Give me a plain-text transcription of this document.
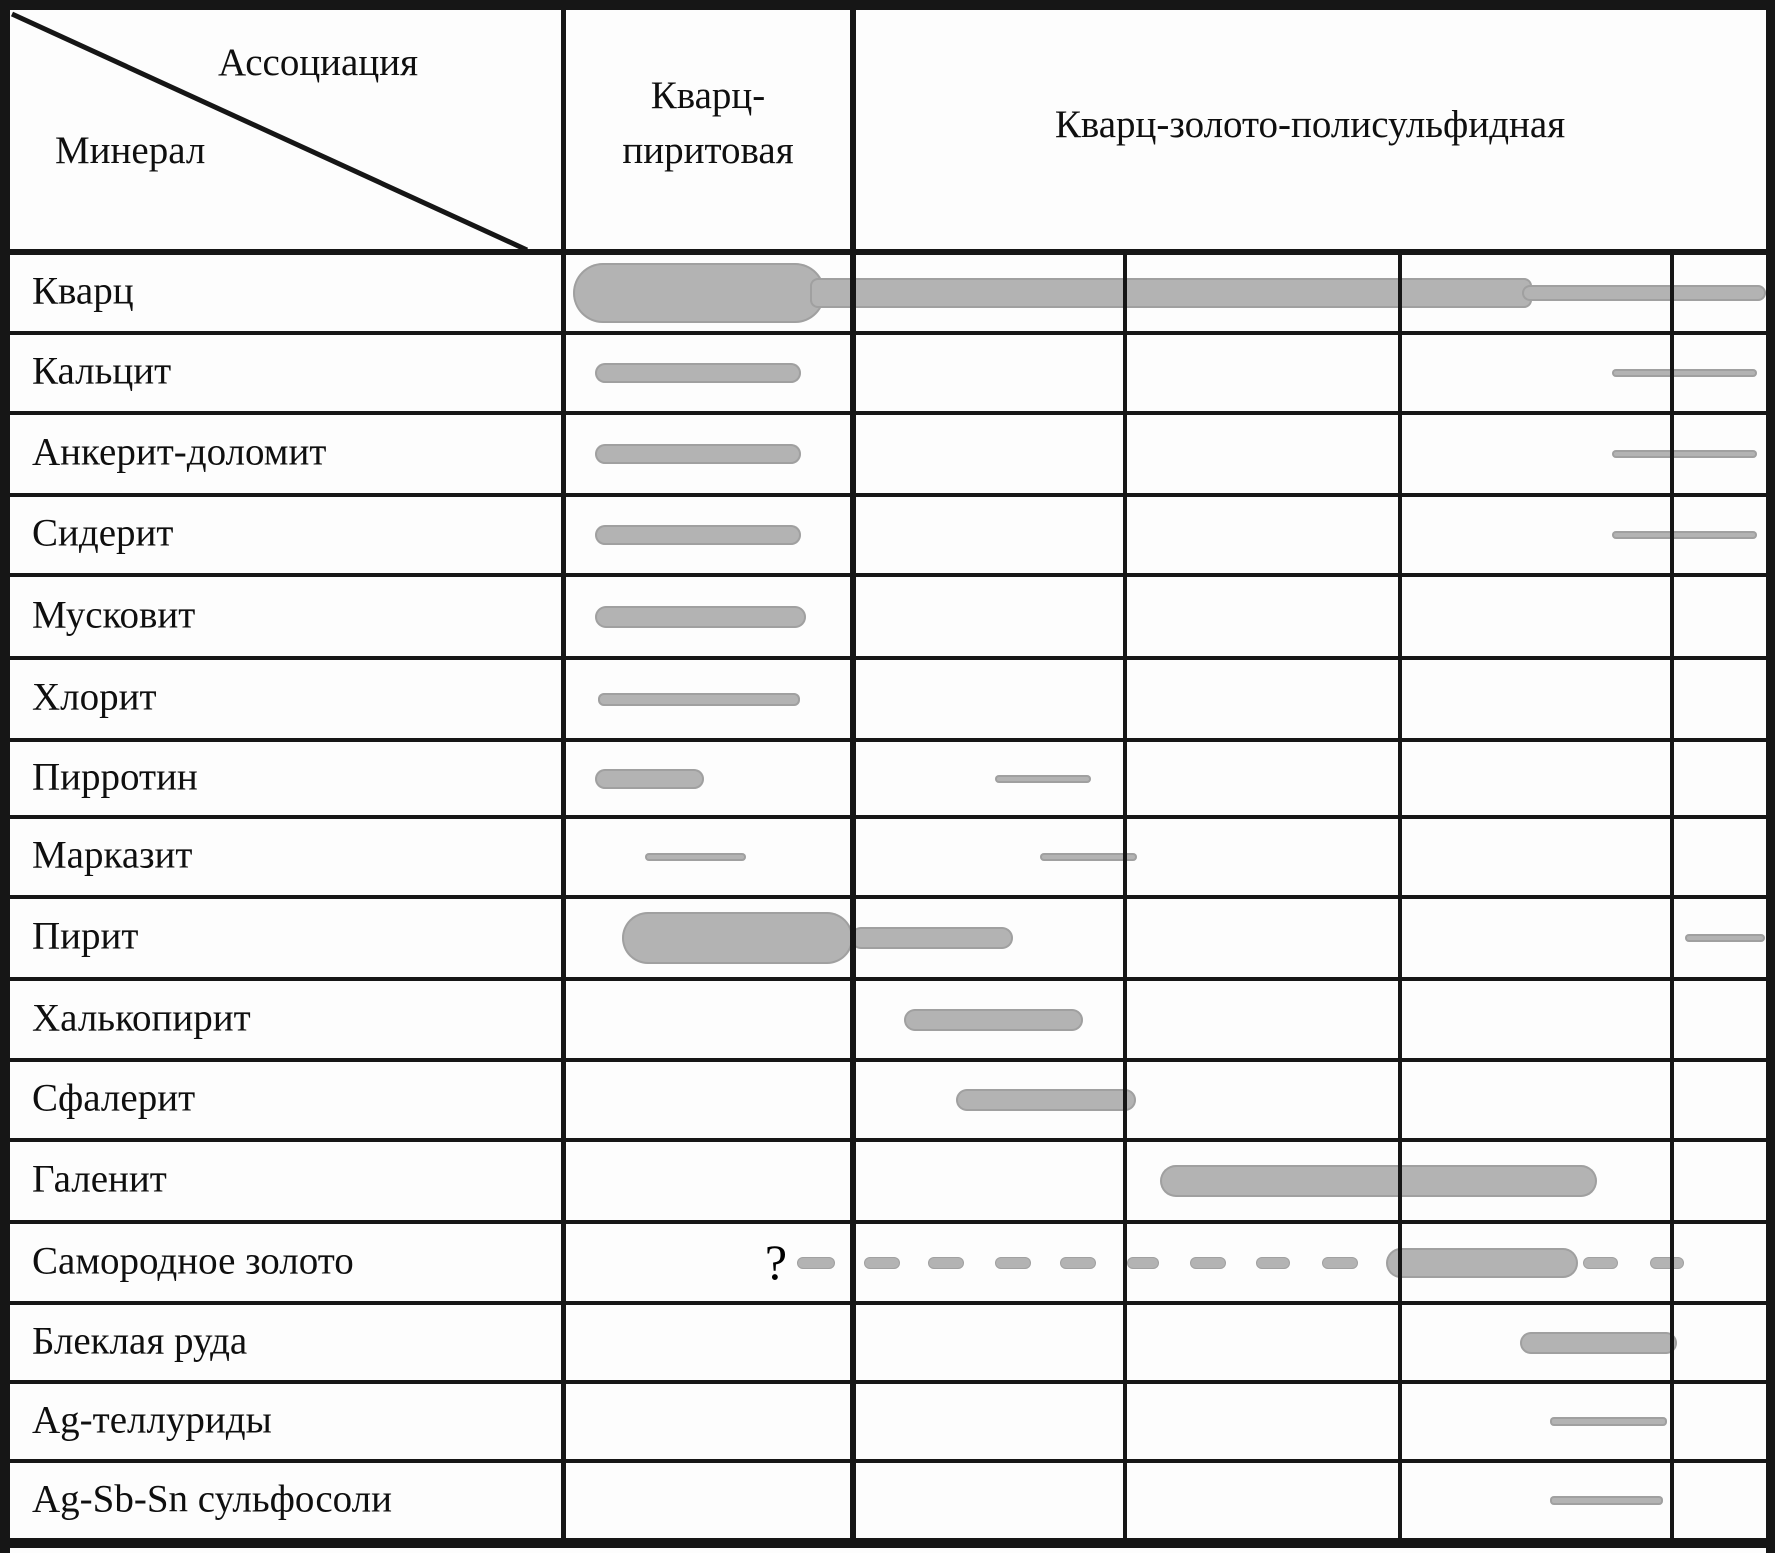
Ассоциация
Минерал
Кварц-
пиритовая
Кварц-золото-полисульфидная
Кварц
Кальцит
Анкерит-доломит
Сидерит
Мусковит
Хлорит
Пирротин
Марказит
Пирит
Халькопирит
Сфалерит
Галенит
Самородное золото	?
Блеклая руда
Ag-теллуриды
Ag-Sb-Sn сульфосоли
